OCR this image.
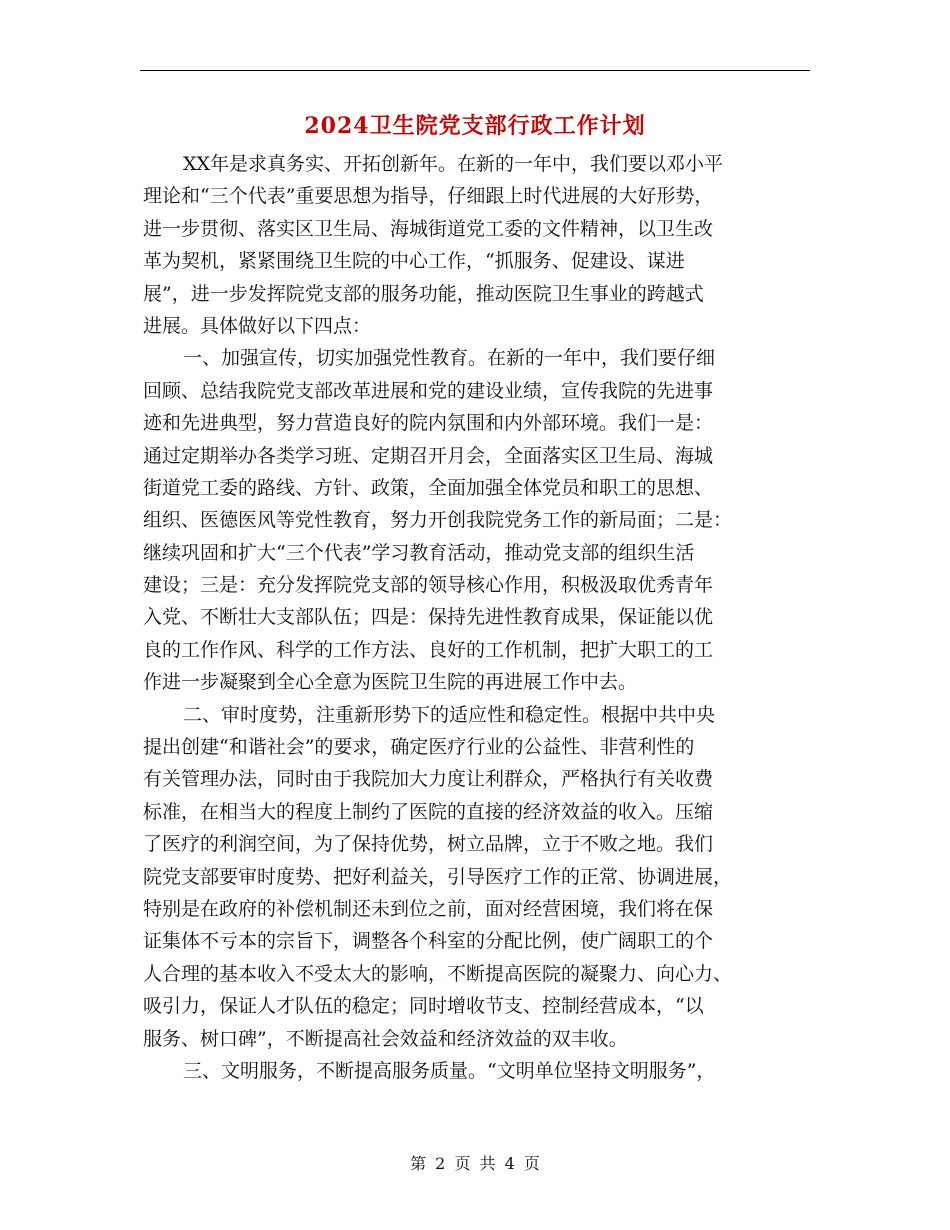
2024卫生院党支部行政工作计划
XX年是求真务实、开拓创新年。在新的一年中，我们要以邓小平
理论和“三个代表”重要思想为指导，仔细跟上时代进展的大好形势，
进一步贯彻、落实区卫生局、海城街道党工委的文件精神，以卫生改
革为契机，紧紧围绕卫生院的中心工作，“抓服务、促建设、谋进
展”，进一步发挥院党支部的服务功能，推动医院卫生事业的跨越式
进展。具体做好以下四点：
一、加强宣传，切实加强党性教育。在新的一年中，我们要仔细
回顾、总结我院党支部改革进展和党的建设业绩，宣传我院的先进事
迹和先进典型，努力营造良好的院内氛围和内外部环境。我们一是：
通过定期举办各类学习班、定期召开月会，全面落实区卫生局、海城
街道党工委的路线、方针、政策，全面加强全体党员和职工的思想、
组织、医德医风等党性教育，努力开创我院党务工作的新局面；二是：
继续巩固和扩大“三个代表”学习教育活动，推动党支部的组织生活
建设；三是：充分发挥院党支部的领导核心作用，积极汲取优秀青年
入党、不断壮大支部队伍；四是：保持先进性教育成果，保证能以优
良的工作作风、科学的工作方法、良好的工作机制，把扩大职工的工
作进一步凝聚到全心全意为医院卫生院的再进展工作中去。
二、审时度势，注重新形势下的适应性和稳定性。根据中共中央
提出创建“和谐社会”的要求，确定医疗行业的公益性、非营利性的
有关管理办法，同时由于我院加大力度让利群众，严格执行有关收费
标准，在相当大的程度上制约了医院的直接的经济效益的收入。压缩
了医疗的利润空间，为了保持优势，树立品牌，立于不败之地。我们
院党支部要审时度势、把好利益关，引导医疗工作的正常、协调进展，
特别是在政府的补偿机制还未到位之前，面对经营困境，我们将在保
证集体不亏本的宗旨下，调整各个科室的分配比例，使广阔职工的个
人合理的基本收入不受太大的影响，不断提高医院的凝聚力、向心力、
吸引力，保证人才队伍的稳定；同时增收节支、控制经营成本，“以
服务、树口碑”，不断提高社会效益和经济效益的双丰收。
三、文明服务，不断提高服务质量。“文明单位坚持文明服务”，
第 2 页 共 4 页
